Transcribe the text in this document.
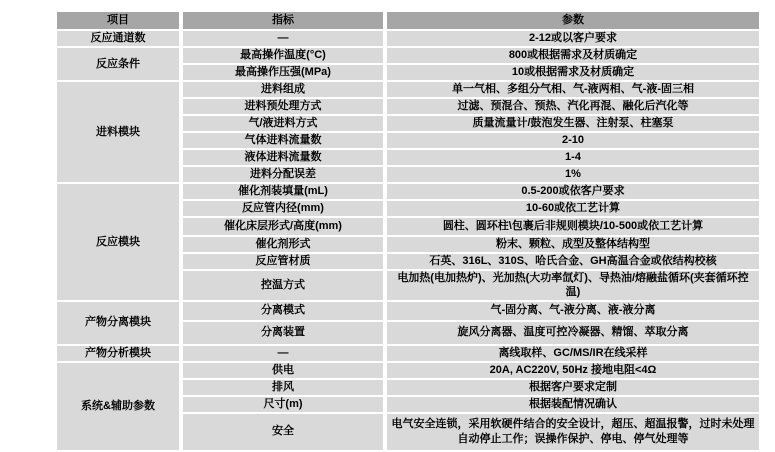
项目	指标	参数
反应通道数	—	2-12或以客户要求
反应条件	最高操作温度(°C)	800或根据需求及材质确定
	最高操作压强(MPa)	10或根据需求及材质确定
进料模块	进料组成	单一气相、多组分气相、气-液两相、气-液-固三相
	进料预处理方式	过滤、预混合、预热、汽化再混、融化后汽化等
	气/液进料方式	质量流量计/鼓泡发生器、注射泵、柱塞泵
	气体进料流量数	2-10
	液体进料流量数	1-4
	进料分配误差	1%
反应模块	催化剂装填量(mL)	0.5-200或依客户要求
	反应管内径(mm)	10-60或依工艺计算
	催化床层形式/高度(mm)	圆柱、圆环柱\包裹后非规则模块/10-500或依工艺计算
	催化剂形式	粉末、颗粒、成型及整体结构型
	反应管材质	石英、316L、310S、哈氏合金、GH高温合金或依结构校核
	控温方式	电加热(电加热炉)、光加热(大功率氙灯)、导热油/熔融盐循环(夹套循环控温)
产物分离模块	分离模式	气-固分离、气-液分离、液-液分离
	分离装置	旋风分离器、温度可控冷凝器、精馏、萃取分离
产物分析模块	—	离线取样、GC/MS/IR在线采样
系统&辅助参数	供电	20A, AC220V, 50Hz 接地电阻<4Ω
	排风	根据客户要求定制
	尺寸(m)	根据装配情况确认
	安全	电气安全连锁，采用软硬件结合的安全设计，超压、超温报警，过时未处理自动停止工作；误操作保护、停电、停气处理等
